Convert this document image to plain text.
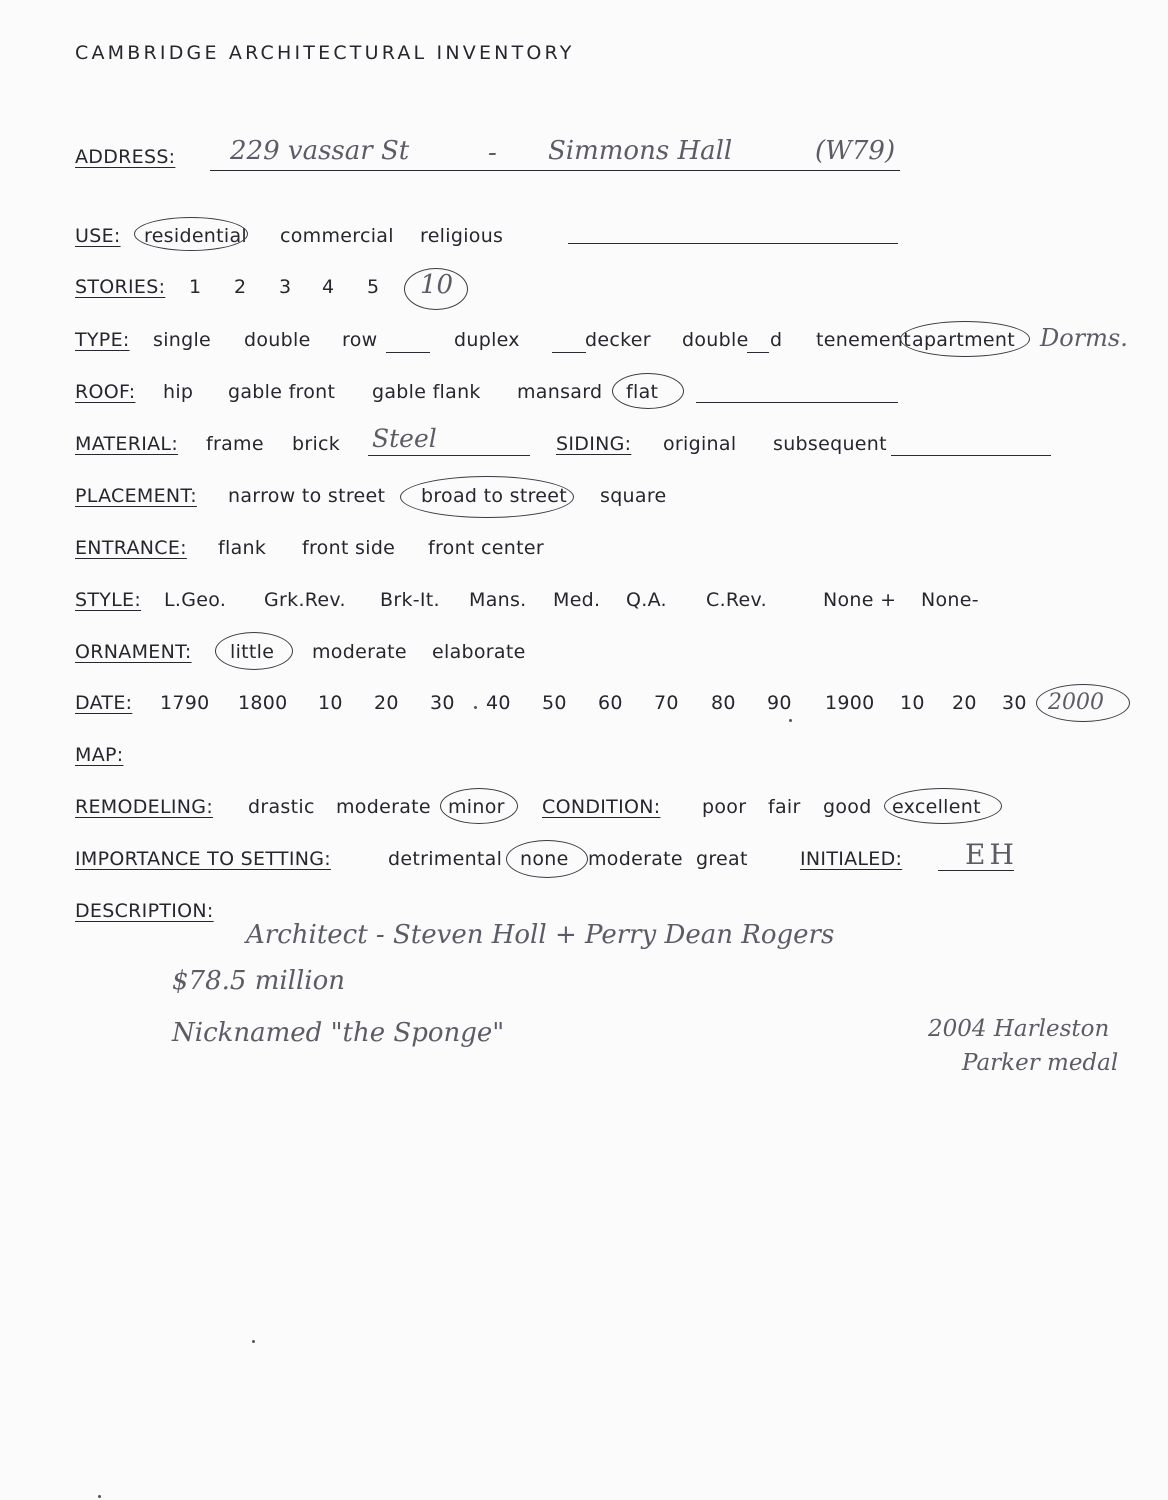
CAMBRIDGE ARCHITECTURAL INVENTORY
ADDRESS: 229 vassar St	- Simmons Hall	(W79)
USE: residential commercial religious
STORIES: 1 2 3 4 5 10
TYPE: single double row	duplex	decker double d tenement apartment Dorms.
ROOF: hip gable front gable flank mansard flat
MATERIAL: frame brick Steel	SIDING: original subsequent
PLACEMENT: narrow to street broad to street square
ENTRANCE: flank front side front center
STYLE: L.Geo. Grk.Rev. Brk-It. Mans. Med. Q.A. C.Rev.	None + None-
ORNAMENT: little moderate elaborate
DATE: 1790 1800 10 20 30 40 50 60 70 80 90 1900 10 20 30 2000
MAP:
REMODELING: drastic moderate minor CONDITION: poor fair good excellent
IMPORTANCE TO SETTING:	detrimental none moderate great	INITIALED: EH
DESCRIPTION:
Architect - Steven Holl + Perry Dean Rogers
$78.5 million
Nicknamed "the Sponge"	2004 Harleston
Parker medal
